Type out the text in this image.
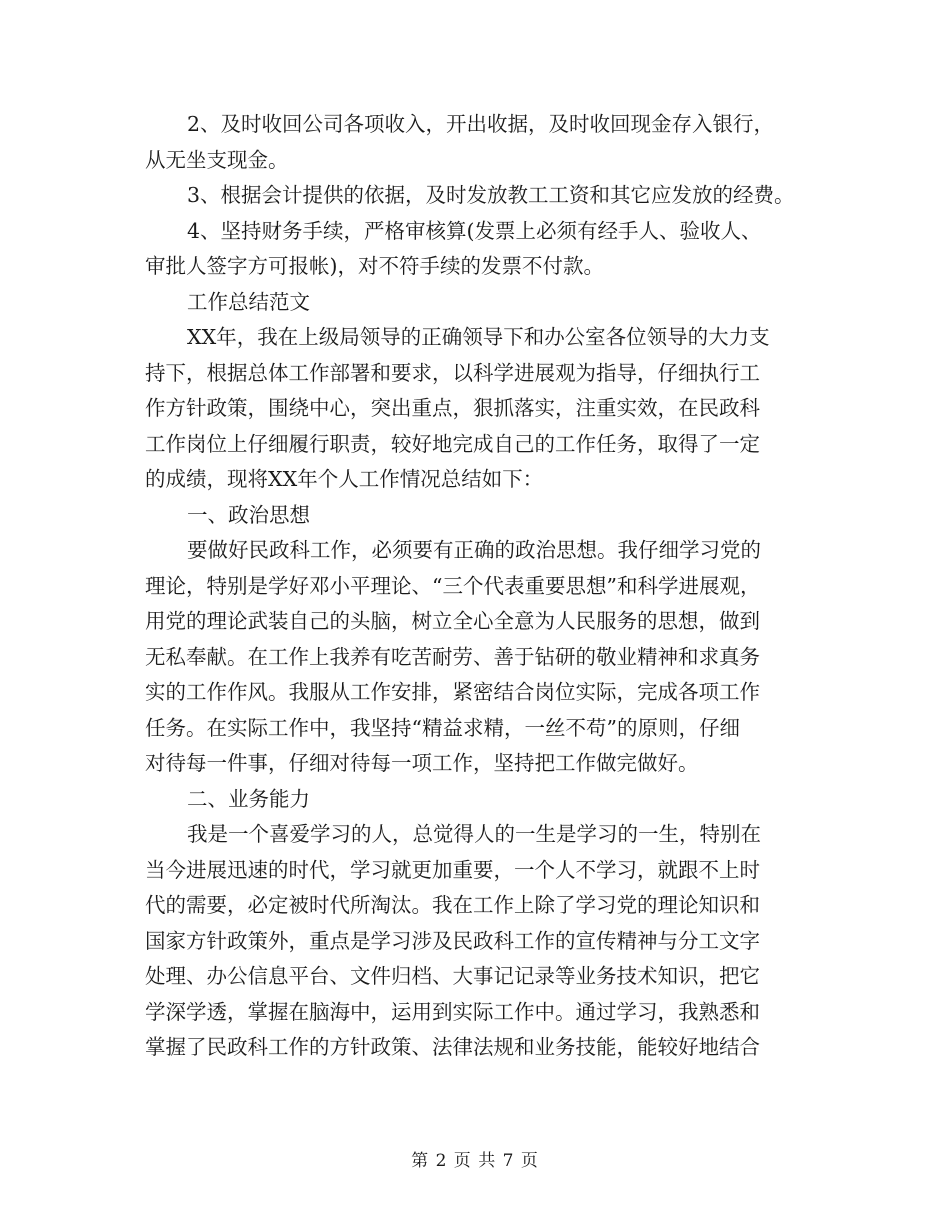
2、及时收回公司各项收入，开出收据，及时收回现金存入银行，
从无坐支现金。
3、根据会计提供的依据，及时发放教工工资和其它应发放的经费。
4、坚持财务手续，严格审核算(发票上必须有经手人、验收人、
审批人签字方可报帐)，对不符手续的发票不付款。
工作总结范文
XX年，我在上级局领导的正确领导下和办公室各位领导的大力支
持下，根据总体工作部署和要求，以科学进展观为指导，仔细执行工
作方针政策，围绕中心，突出重点，狠抓落实，注重实效，在民政科
工作岗位上仔细履行职责，较好地完成自己的工作任务，取得了一定
的成绩，现将XX年个人工作情况总结如下：
一、政治思想
要做好民政科工作，必须要有正确的政治思想。我仔细学习党的
理论，特别是学好邓小平理论、“三个代表重要思想”和科学进展观，
用党的理论武装自己的头脑，树立全心全意为人民服务的思想，做到
无私奉献。在工作上我养有吃苦耐劳、善于钻研的敬业精神和求真务
实的工作作风。我服从工作安排，紧密结合岗位实际，完成各项工作
任务。在实际工作中，我坚持“精益求精，一丝不苟”的原则，仔细
对待每一件事，仔细对待每一项工作，坚持把工作做完做好。
二、业务能力
我是一个喜爱学习的人，总觉得人的一生是学习的一生，特别在
当今进展迅速的时代，学习就更加重要，一个人不学习，就跟不上时
代的需要，必定被时代所淘汰。我在工作上除了学习党的理论知识和
国家方针政策外，重点是学习涉及民政科工作的宣传精神与分工文字
处理、办公信息平台、文件归档、大事记记录等业务技术知识，把它
学深学透，掌握在脑海中，运用到实际工作中。通过学习，我熟悉和
掌握了民政科工作的方针政策、法律法规和业务技能，能较好地结合
第 2 页 共 7 页
